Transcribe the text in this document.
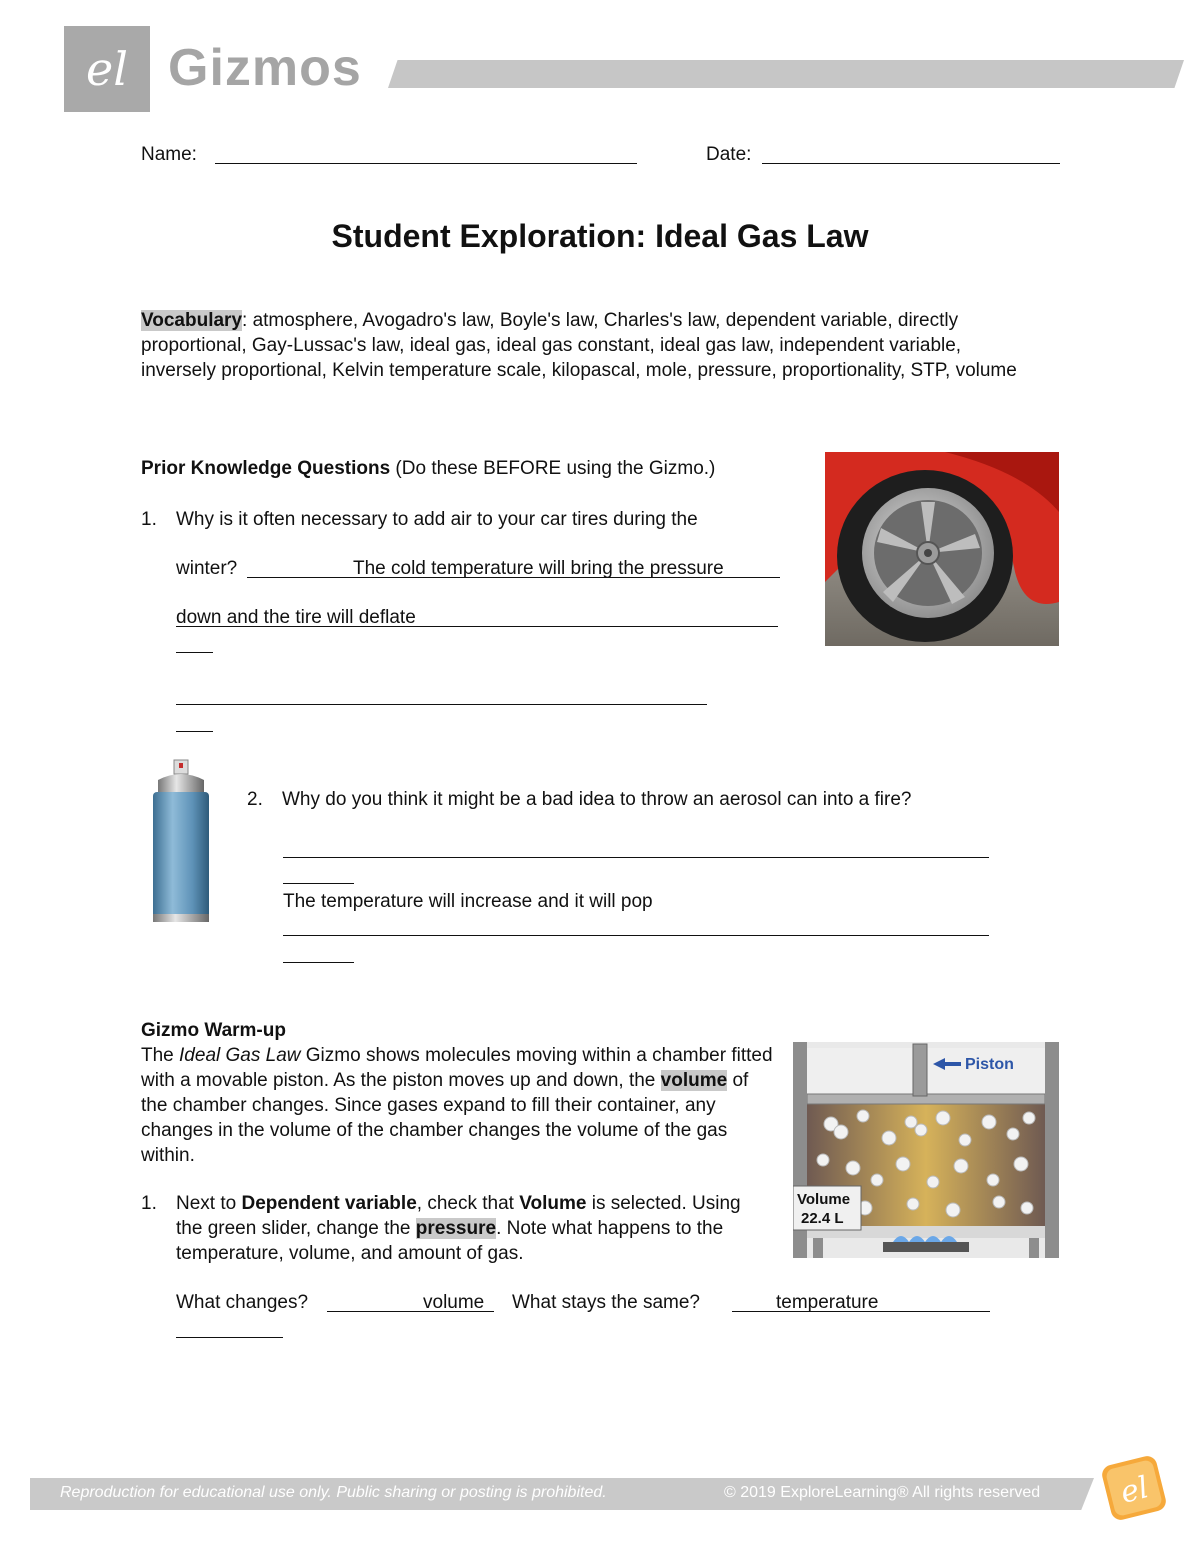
el Gizmos
Name:	Date:
Student Exploration: Ideal Gas Law
Vocabulary: atmosphere, Avogadro's law, Boyle's law, Charles's law, dependent variable, directly proportional, Gay-Lussac's law, ideal gas, ideal gas constant, ideal gas law, independent variable, inversely proportional, Kelvin temperature scale, kilopascal, mole, pressure, proportionality, STP, volume
Prior Knowledge Questions (Do these BEFORE using the Gizmo.)
1. Why is it often necessary to add air to your car tires during the
winter?	The cold temperature will bring the pressure
down and the tire will deflate
2. Why do you think it might be a bad idea to throw an aerosol can into a fire?
The temperature will increase and it will pop
Gizmo Warm-up
The Ideal Gas Law Gizmo shows molecules moving within a chamber fitted with a movable piston. As the piston moves up and down, the volume of the chamber changes. Since gases expand to fill their container, any changes in the volume of the chamber changes the volume of the gas within.
Piston
Volume
22.4 L
1. Next to Dependent variable, check that Volume is selected. Using the green slider, change the pressure. Note what happens to the temperature, volume, and amount of gas.
What changes?	volume What stays the same?	temperature
Reproduction for educational use only. Public sharing or posting is prohibited.	© 2019 ExploreLearning® All rights reserved	el
